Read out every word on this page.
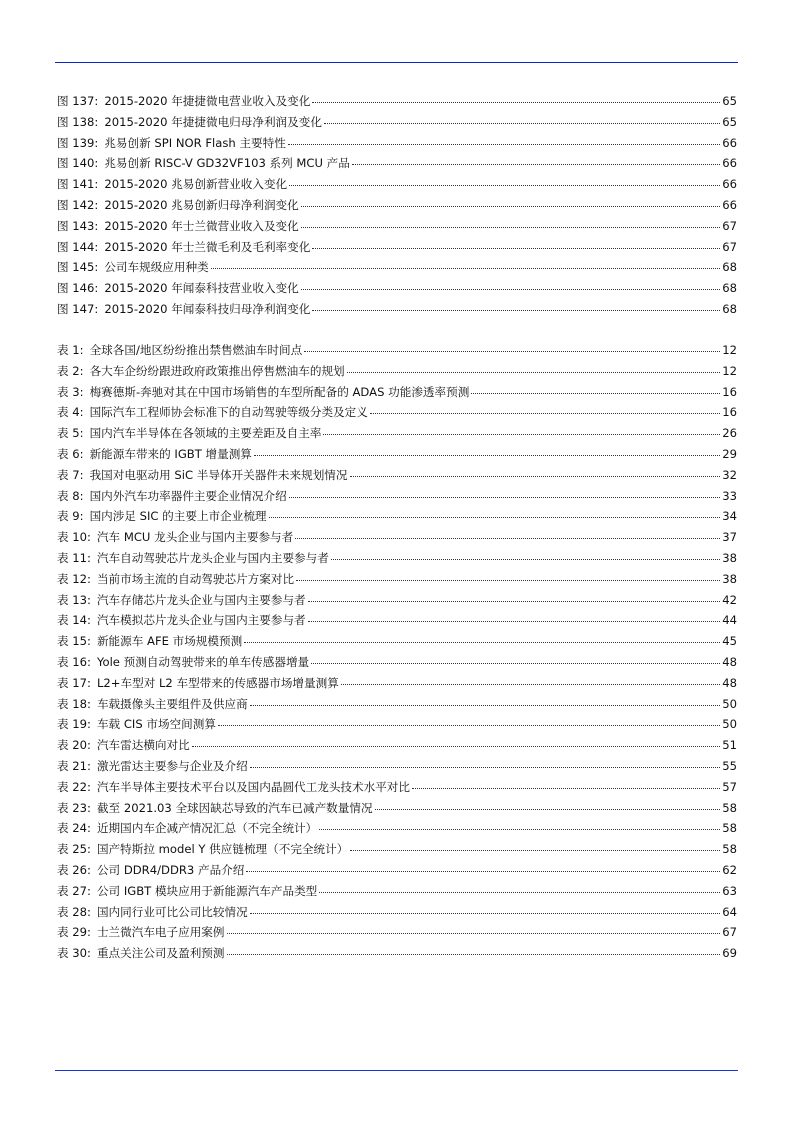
图 137: 2015-2020 年捷捷微电营业收入及变化	65
图 138: 2015-2020 年捷捷微电归母净利润及变化	65
图 139: 兆易创新 SPI NOR Flash 主要特性	66
图 140: 兆易创新 RISC-V GD32VF103 系列 MCU 产品	66
图 141: 2015-2020 兆易创新营业收入变化	66
图 142: 2015-2020 兆易创新归母净利润变化	66
图 143: 2015-2020 年士兰微营业收入及变化	67
图 144: 2015-2020 年士兰微毛利及毛利率变化	67
图 145: 公司车规级应用种类	68
图 146: 2015-2020 年闻泰科技营业收入变化	68
图 147: 2015-2020 年闻泰科技归母净利润变化	68
表 1: 全球各国/地区纷纷推出禁售燃油车时间点	12
表 2: 各大车企纷纷跟进政府政策推出停售燃油车的规划	12
表 3: 梅赛德斯-奔驰对其在中国市场销售的车型所配备的 ADAS 功能渗透率预测	16
表 4: 国际汽车工程师协会标准下的自动驾驶等级分类及定义	16
表 5: 国内汽车半导体在各领域的主要差距及自主率	26
表 6: 新能源车带来的 IGBT 增量测算	29
表 7: 我国对电驱动用 SiC 半导体开关器件未来规划情况	32
表 8: 国内外汽车功率器件主要企业情况介绍	33
表 9: 国内涉足 SIC 的主要上市企业梳理	34
表 10: 汽车 MCU 龙头企业与国内主要参与者	37
表 11: 汽车自动驾驶芯片龙头企业与国内主要参与者	38
表 12: 当前市场主流的自动驾驶芯片方案对比	38
表 13: 汽车存储芯片龙头企业与国内主要参与者	42
表 14: 汽车模拟芯片龙头企业与国内主要参与者	44
表 15: 新能源车 AFE 市场规模预测	45
表 16: Yole 预测自动驾驶带来的单车传感器增量	48
表 17: L2+车型对 L2 车型带来的传感器市场增量测算	48
表 18: 车载摄像头主要组件及供应商	50
表 19: 车载 CIS 市场空间测算	50
表 20: 汽车雷达横向对比	51
表 21: 激光雷达主要参与企业及介绍	55
表 22: 汽车半导体主要技术平台以及国内晶圆代工龙头技术水平对比	57
表 23: 截至 2021.03 全球因缺芯导致的汽车已减产数量情况	58
表 24: 近期国内车企减产情况汇总（不完全统计）	58
表 25: 国产特斯拉 model Y 供应链梳理（不完全统计）	58
表 26: 公司 DDR4/DDR3 产品介绍	62
表 27: 公司 IGBT 模块应用于新能源汽车产品类型	63
表 28: 国内同行业可比公司比较情况	64
表 29: 士兰微汽车电子应用案例	67
表 30: 重点关注公司及盈利预测	69
